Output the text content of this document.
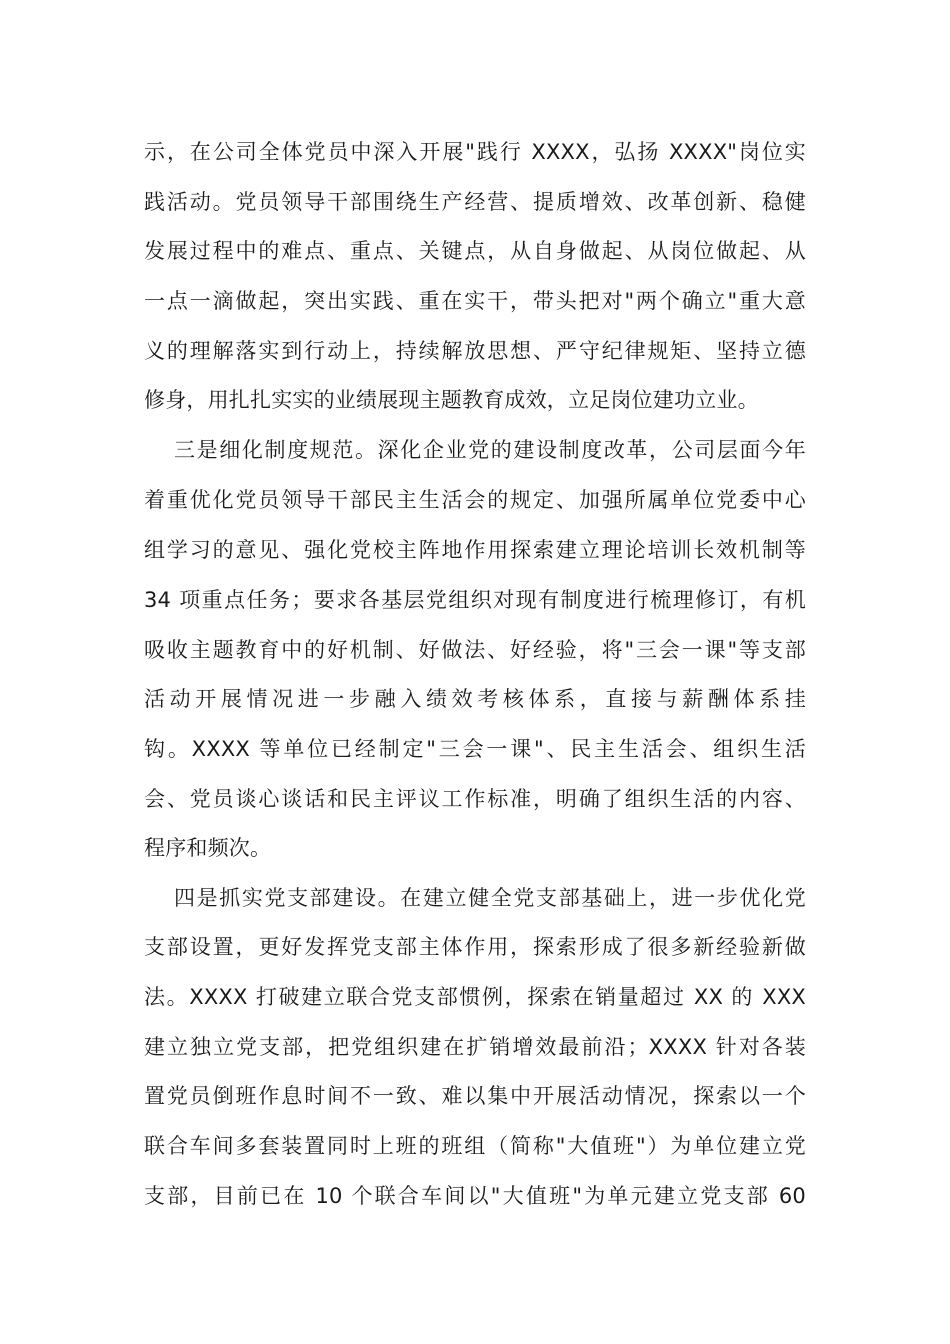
示，在公司全体党员中深入开展"践行 XXXX，弘扬 XXXX"岗位实
践活动。党员领导干部围绕生产经营、提质增效、改革创新、稳健
发展过程中的难点、重点、关键点，从自身做起、从岗位做起、从
一点一滴做起，突出实践、重在实干，带头把对"两个确立"重大意
义的理解落实到行动上，持续解放思想、严守纪律规矩、坚持立德
修身，用扎扎实实的业绩展现主题教育成效，立足岗位建功立业。
三是细化制度规范。深化企业党的建设制度改革，公司层面今年
着重优化党员领导干部民主生活会的规定、加强所属单位党委中心
组学习的意见、强化党校主阵地作用探索建立理论培训长效机制等
34 项重点任务；要求各基层党组织对现有制度进行梳理修订，有机
吸收主题教育中的好机制、好做法、好经验，将"三会一课"等支部
活动开展情况进一步融入绩效考核体系，直接与薪酬体系挂
钩。XXXX 等单位已经制定"三会一课"、民主生活会、组织生活
会、党员谈心谈话和民主评议工作标准，明确了组织生活的内容、
程序和频次。
四是抓实党支部建设。在建立健全党支部基础上，进一步优化党
支部设置，更好发挥党支部主体作用，探索形成了很多新经验新做
法。XXXX 打破建立联合党支部惯例，探索在销量超过 XX 的 XXX
建立独立党支部，把党组织建在扩销增效最前沿；XXXX 针对各装
置党员倒班作息时间不一致、难以集中开展活动情况，探索以一个
联合车间多套装置同时上班的班组（简称"大值班"）为单位建立党
支部，目前已在 10 个联合车间以"大值班"为单元建立党支部 60
